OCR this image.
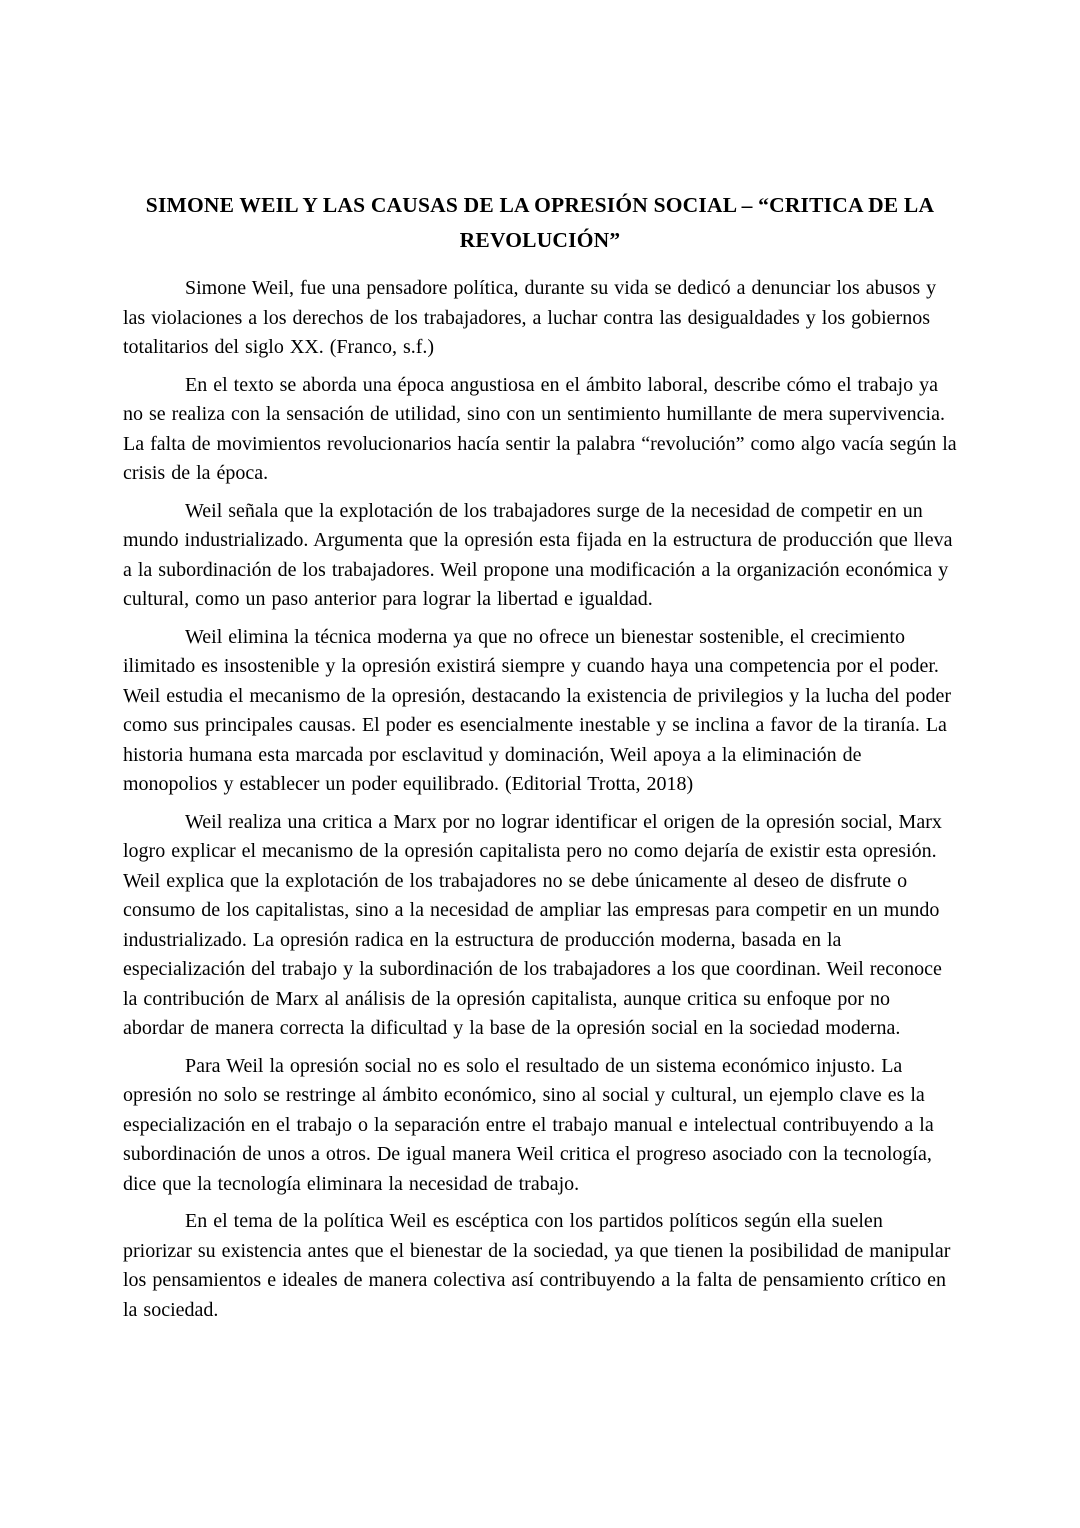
SIMONE WEIL Y LAS CAUSAS DE LA OPRESIÓN SOCIAL – “CRITICA DE LA REVOLUCIÓN”

Simone Weil, fue una pensadore política, durante su vida se dedicó a denunciar los abusos y las violaciones a los derechos de los trabajadores, a luchar contra las desigualdades y los gobiernos totalitarios del siglo XX. (Franco, s.f.)

En el texto se aborda una época angustiosa en el ámbito laboral, describe cómo el trabajo ya no se realiza con la sensación de utilidad, sino con un sentimiento humillante de mera supervivencia. La falta de movimientos revolucionarios hacía sentir la palabra “revolución” como algo vacía según la crisis de la época.

Weil señala que la explotación de los trabajadores surge de la necesidad de competir en un mundo industrializado. Argumenta que la opresión esta fijada en la estructura de producción que lleva a la subordinación de los trabajadores. Weil propone una modificación a la organización económica y cultural, como un paso anterior para lograr la libertad e igualdad.

Weil elimina la técnica moderna ya que no ofrece un bienestar sostenible, el crecimiento ilimitado es insostenible y la opresión existirá siempre y cuando haya una competencia por el poder. Weil estudia el mecanismo de la opresión, destacando la existencia de privilegios y la lucha del poder como sus principales causas. El poder es esencialmente inestable y se inclina a favor de la tiranía. La historia humana esta marcada por esclavitud y dominación, Weil apoya a la eliminación de monopolios y establecer un poder equilibrado. (Editorial Trotta, 2018)

Weil realiza una critica a Marx por no lograr identificar el origen de la opresión social, Marx logro explicar el mecanismo de la opresión capitalista pero no como dejaría de existir esta opresión. Weil explica que la explotación de los trabajadores no se debe únicamente al deseo de disfrute o consumo de los capitalistas, sino a la necesidad de ampliar las empresas para competir en un mundo industrializado. La opresión radica en la estructura de producción moderna, basada en la especialización del trabajo y la subordinación de los trabajadores a los que coordinan. Weil reconoce la contribución de Marx al análisis de la opresión capitalista, aunque critica su enfoque por no abordar de manera correcta la dificultad y la base de la opresión social en la sociedad moderna.

Para Weil la opresión social no es solo el resultado de un sistema económico injusto. La opresión no solo se restringe al ámbito económico, sino al social y cultural, un ejemplo clave es la especialización en el trabajo o la separación entre el trabajo manual e intelectual contribuyendo a la subordinación de unos a otros. De igual manera Weil critica el progreso asociado con la tecnología, dice que la tecnología eliminara la necesidad de trabajo.

En el tema de la política Weil es escéptica con los partidos políticos según ella suelen priorizar su existencia antes que el bienestar de la sociedad, ya que tienen la posibilidad de manipular los pensamientos e ideales de manera colectiva así contribuyendo a la falta de pensamiento crítico en la sociedad.
